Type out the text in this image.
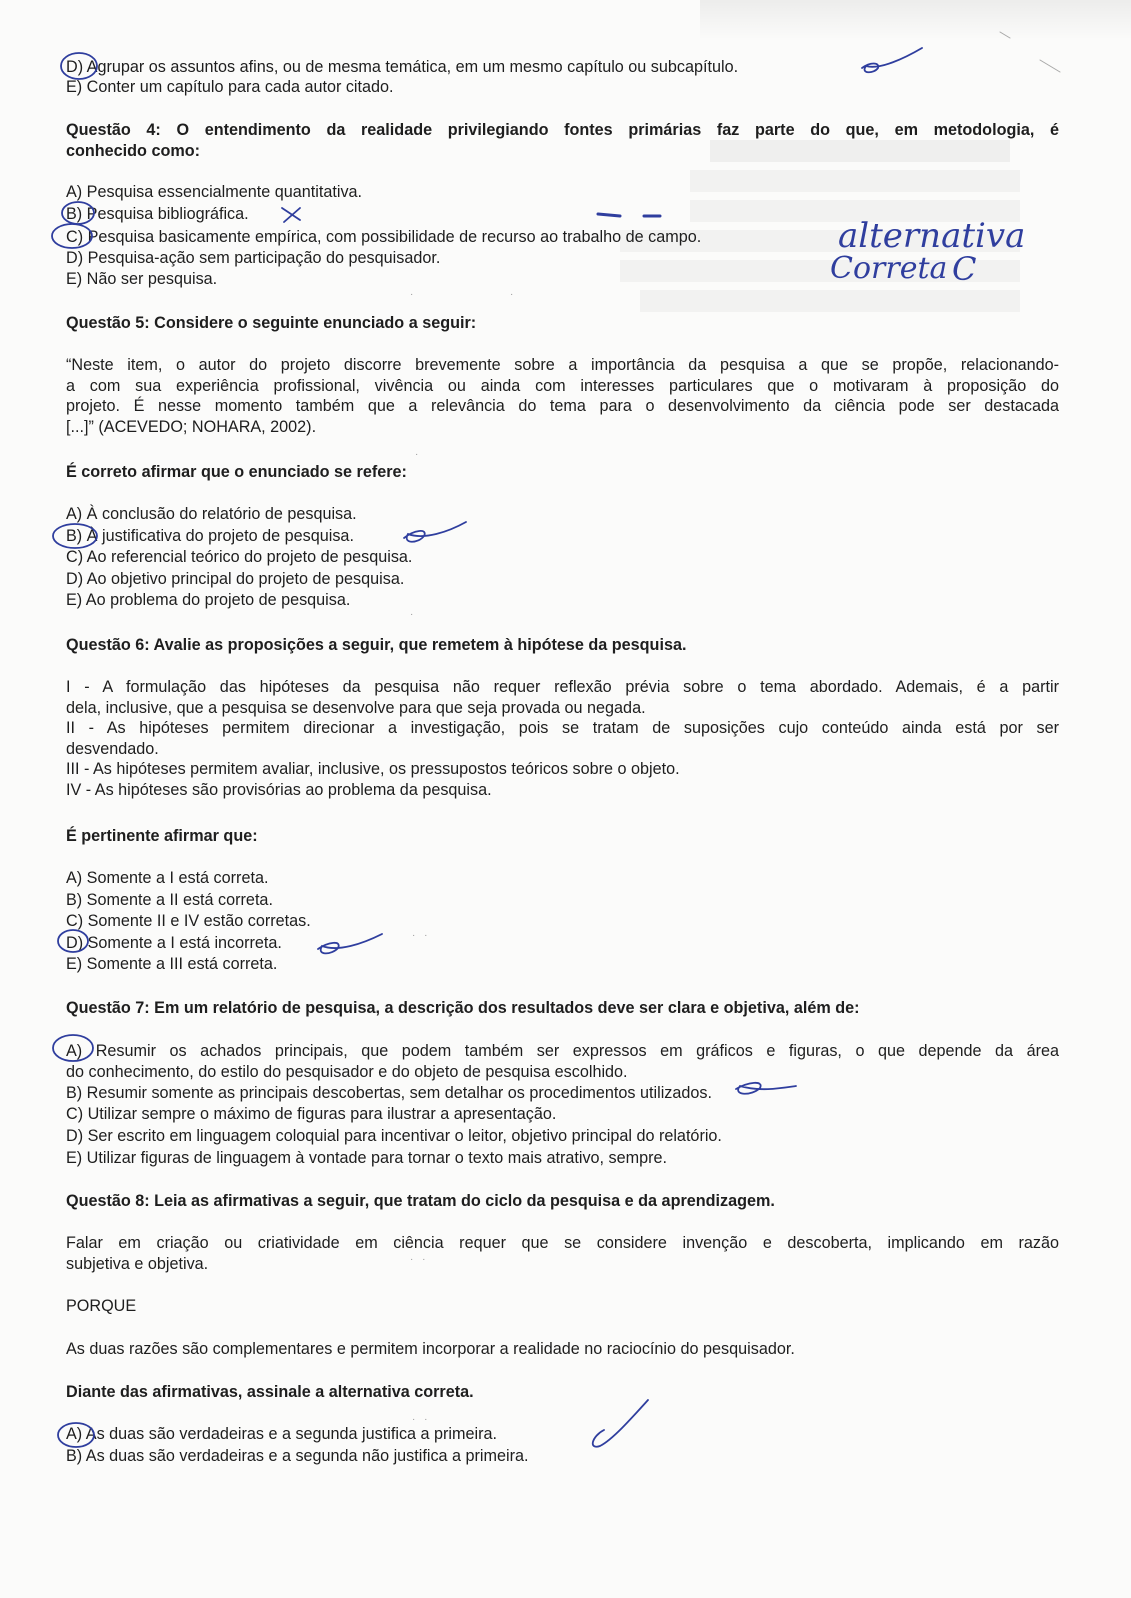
D) Agrupar os assuntos afins, ou de mesma temática, em um mesmo capítulo ou subcapítulo.
E) Conter um capítulo para cada autor citado.
Questão 4: O entendimento da realidade privilegiando fontes primárias faz parte do que, em metodologia, é
conhecido como:
A) Pesquisa essencialmente quantitativa.
B) Pesquisa bibliográfica.
C) Pesquisa basicamente empírica, com possibilidade de recurso ao trabalho de campo.
D) Pesquisa-ação sem participação do pesquisador.
E) Não ser pesquisa.
Questão 5: Considere o seguinte enunciado a seguir:
“Neste item, o autor do projeto discorre brevemente sobre a importância da pesquisa a que se propõe, relacionando-
a com sua experiência profissional, vivência ou ainda com interesses particulares que o motivaram à proposição do
projeto. É nesse momento também que a relevância do tema para o desenvolvimento da ciência pode ser destacada
[...]” (ACEVEDO; NOHARA, 2002).
É correto afirmar que o enunciado se refere:
A) À conclusão do relatório de pesquisa.
B) À justificativa do projeto de pesquisa.
C) Ao referencial teórico do projeto de pesquisa.
D) Ao objetivo principal do projeto de pesquisa.
E) Ao problema do projeto de pesquisa.
Questão 6: Avalie as proposições a seguir, que remetem à hipótese da pesquisa.
I - A formulação das hipóteses da pesquisa não requer reflexão prévia sobre o tema abordado. Ademais, é a partir
dela, inclusive, que a pesquisa se desenvolve para que seja provada ou negada.
II - As hipóteses permitem direcionar a investigação, pois se tratam de suposições cujo conteúdo ainda está por ser
desvendado.
III - As hipóteses permitem avaliar, inclusive, os pressupostos teóricos sobre o objeto.
IV - As hipóteses são provisórias ao problema da pesquisa.
É pertinente afirmar que:
A) Somente a I está correta.
B) Somente a II está correta.
C) Somente II e IV estão corretas.
D) Somente a I está incorreta.
E) Somente a III está correta.
Questão 7: Em um relatório de pesquisa, a descrição dos resultados deve ser clara e objetiva, além de:
A) Resumir os achados principais, que podem também ser expressos em gráficos e figuras, o que depende da área
do conhecimento, do estilo do pesquisador e do objeto de pesquisa escolhido.
B) Resumir somente as principais descobertas, sem detalhar os procedimentos utilizados.
C) Utilizar sempre o máximo de figuras para ilustrar a apresentação.
D) Ser escrito em linguagem coloquial para incentivar o leitor, objetivo principal do relatório.
E) Utilizar figuras de linguagem à vontade para tornar o texto mais atrativo, sempre.
Questão 8: Leia as afirmativas a seguir, que tratam do ciclo da pesquisa e da aprendizagem.
Falar em criação ou criatividade em ciência requer que se considere invenção e descoberta, implicando em razão
subjetiva e objetiva.
PORQUE
As duas razões são complementares e permitem incorporar a realidade no raciocínio do pesquisador.
Diante das afirmativas, assinale a alternativa correta.
A) As duas são verdadeiras e a segunda justifica a primeira.
B) As duas são verdadeiras e a segunda não justifica a primeira.
·	·
·
·
· ·
· ·
· ·
alternativa
Correta C
